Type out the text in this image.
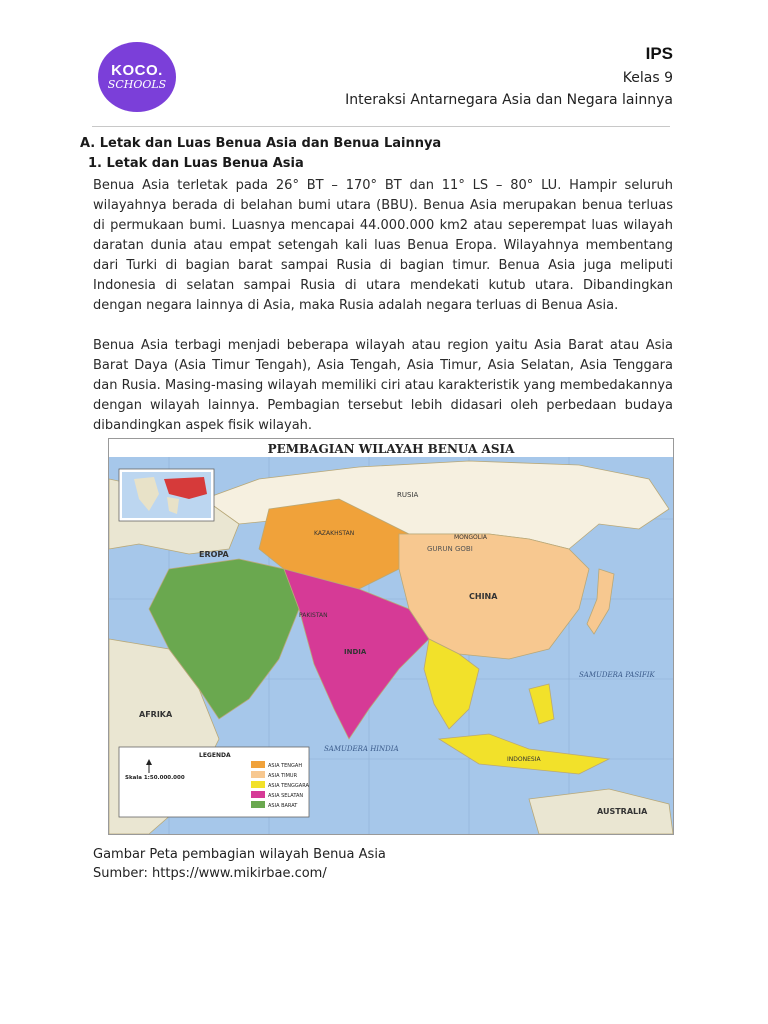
KOCO.
SCHOOLS
IPS
Kelas 9
Interaksi Antarnegara Asia dan Negara lainnya
A. Letak dan Luas Benua Asia dan Benua Lainnya
1. Letak dan Luas Benua Asia

Benua Asia terletak pada 26° BT – 170° BT dan 11° LS – 80° LU. Hampir seluruh wilayahnya berada di belahan bumi utara (BBU). Benua Asia merupakan benua terluas di permukaan bumi. Luasnya mencapai 44.000.000 km2 atau seperempat luas wilayah daratan dunia atau empat setengah kali luas Benua Eropa. Wilayahnya membentang dari Turki di bagian barat sampai Rusia di bagian timur. Benua Asia juga meliputi Indonesia di selatan sampai Rusia di utara mendekati kutub utara. Dibandingkan dengan negara lainnya di Asia, maka Rusia adalah negara terluas di Benua Asia.

Benua Asia terbagi menjadi beberapa wilayah atau region yaitu Asia Barat atau Asia Barat Daya (Asia Timur Tengah), Asia Tengah, Asia Timur, Asia Selatan, Asia Tenggara dan Rusia. Masing-masing wilayah memiliki ciri atau karakteristik yang membedakannya dengan wilayah lainnya. Pembagian tersebut lebih didasari oleh perbedaan budaya dibandingkan aspek fisik wilayah.

PEMBAGIAN WILAYAH BENUA ASIA
RUSIA
EROPA
AFRIKA
GURUN GOBI
SAMUDERA HINDIA
SAMUDERA PASIFIK
AUSTRALIA
KAZAKHSTAN
PAKISTAN
INDIA
CHINA
INDONESIA
MONGOLIA
LEGENDA
Skala 1:50.000.000
ASIA TENGAH
ASIA TIMUR
ASIA TENGGARA
ASIA SELATAN
ASIA BARAT
Gambar Peta pembagian wilayah Benua Asia
Sumber: https://www.mikirbae.com/
